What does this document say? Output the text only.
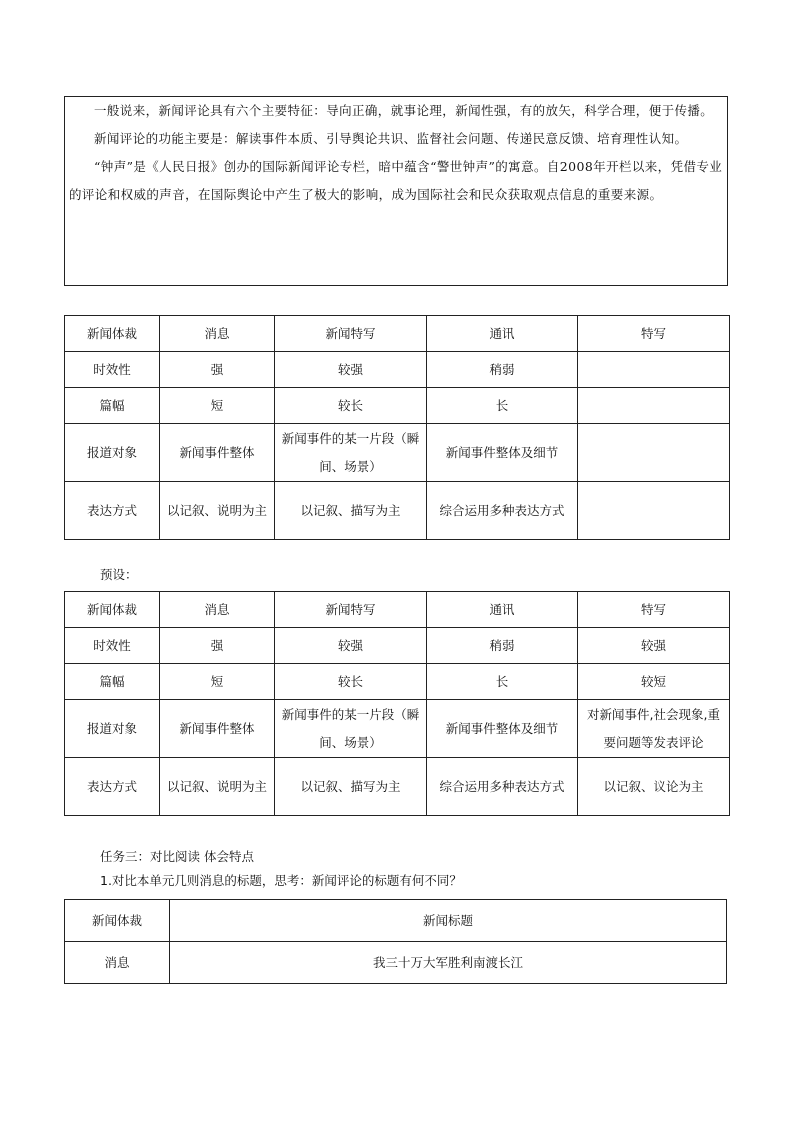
一般说来，新闻评论具有六个主要特征：导向正确，就事论理，新闻性强，有的放矢，科学合理，便于传播。

新闻评论的功能主要是：解读事件本质、引导舆论共识、监督社会问题、传递民意反馈、培育理性认知。

“钟声”是《人民日报》创办的国际新闻评论专栏，暗中蕴含“警世钟声”的寓意。自2008年开栏以来，凭借专业的评论和权威的声音，在国际舆论中产生了极大的影响，成为国际社会和民众获取观点信息的重要来源。

新闻体裁	消息	新闻特写	通讯	特写
时效性	强	较强	稍弱	
篇幅	短	较长	长	
报道对象	新闻事件整体	新闻事件的某一片段（瞬间、场景）	新闻事件整体及细节	
表达方式	以记叙、说明为主	以记叙、描写为主	综合运用多种表达方式	
预设：
新闻体裁	消息	新闻特写	通讯	特写
时效性	强	较强	稍弱	较强
篇幅	短	较长	长	较短
报道对象	新闻事件整体	新闻事件的某一片段（瞬间、场景）	新闻事件整体及细节	对新闻事件,社会现象,重要问题等发表评论
表达方式	以记叙、说明为主	以记叙、描写为主	综合运用多种表达方式	以记叙、议论为主
任务三：对比阅读 体会特点
1.对比本单元几则消息的标题，思考：新闻评论的标题有何不同？
新闻体裁	新闻标题
消息	我三十万大军胜利南渡长江
